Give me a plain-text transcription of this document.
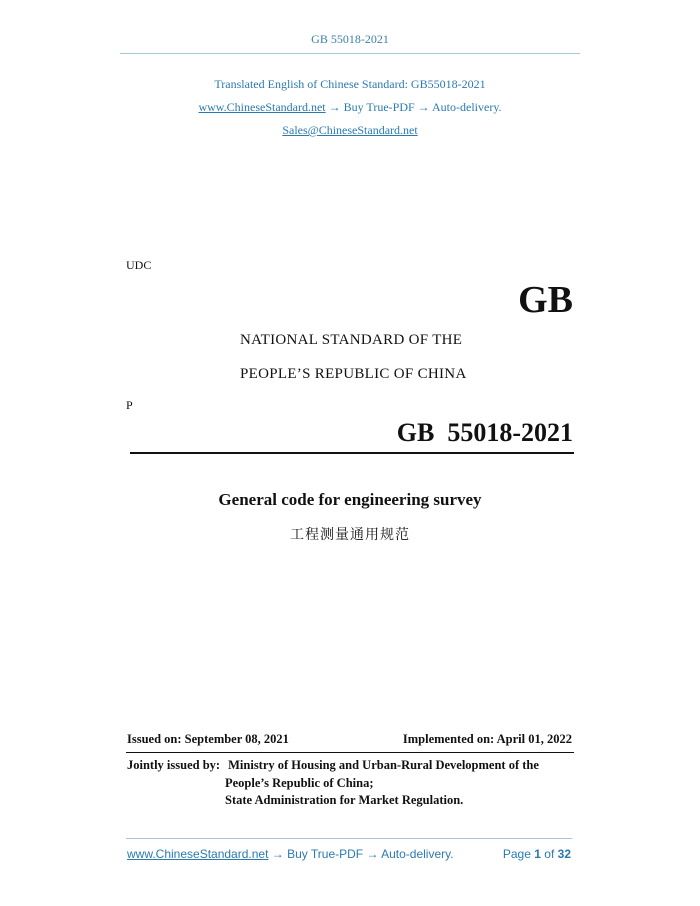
GB 55018-2021
Translated English of Chinese Standard: GB55018-2021
www.ChineseStandard.net → Buy True-PDF → Auto-delivery.
Sales@ChineseStandard.net
UDC
GB
NATIONAL STANDARD OF THE
PEOPLE’S REPUBLIC OF CHINA
P
GB  55018-2021
General code for engineering survey
工程测量通用规范
Issued on: September 08, 2021	Implemented on: April 01, 2022
Jointly issued by: Ministry of Housing and Urban-Rural Development of the
People’s Republic of China;
State Administration for Market Regulation.
www.ChineseStandard.net → Buy True-PDF → Auto-delivery.	Page 1 of 32
